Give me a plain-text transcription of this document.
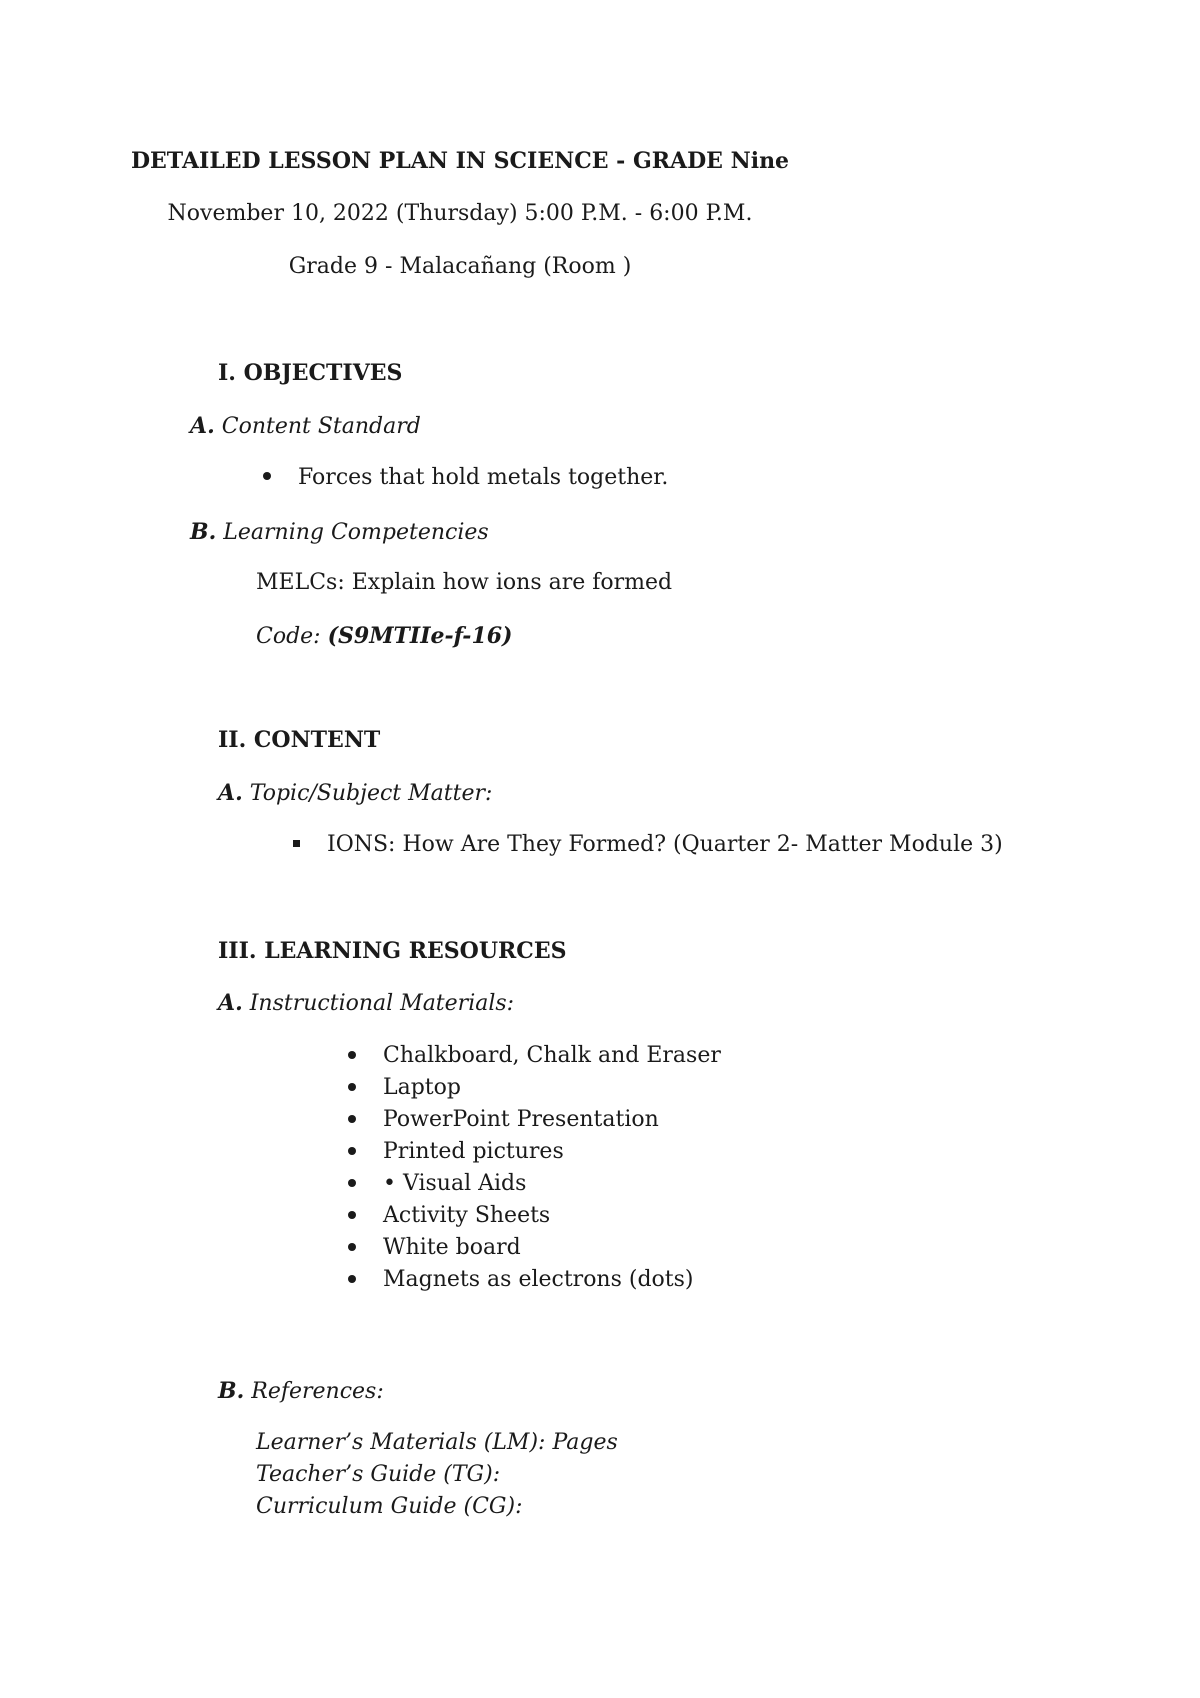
DETAILED LESSON PLAN IN SCIENCE - GRADE Nine
November 10, 2022 (Thursday) 5:00 P.M. - 6:00 P.M.
Grade 9 - Malacañang (Room )
I. OBJECTIVES
A. Content Standard
Forces that hold metals together.
B. Learning Competencies
MELCs: Explain how ions are formed
Code: (S9MTIIe-f-16)
II. CONTENT
A. Topic/Subject Matter:
IONS: How Are They Formed? (Quarter 2- Matter Module 3)
III. LEARNING RESOURCES
A. Instructional Materials:
Chalkboard, Chalk and Eraser
Laptop
PowerPoint Presentation
Printed pictures
• Visual Aids
Activity Sheets
White board
Magnets as electrons (dots)
B. References:
Learner’s Materials (LM): Pages
Teacher’s Guide (TG):
Curriculum Guide (CG):
